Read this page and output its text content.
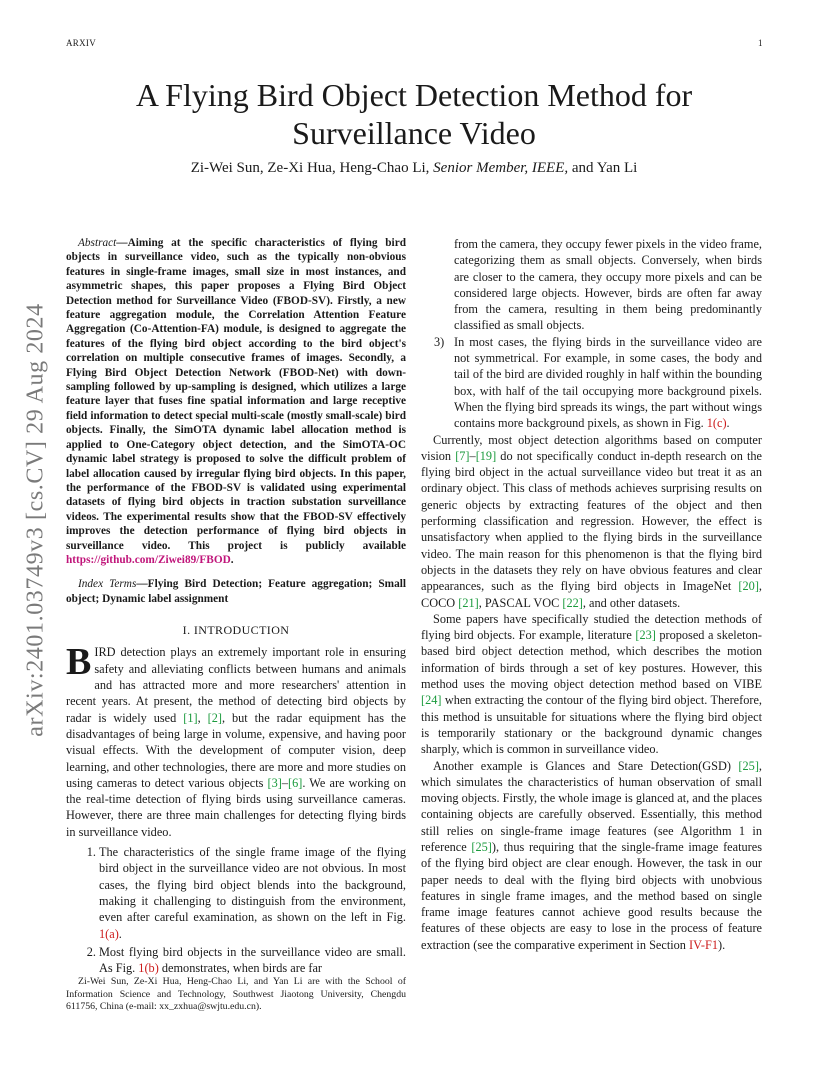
ARXIV	1
arXiv:2401.03749v3 [cs.CV] 29 Aug 2024
A Flying Bird Object Detection Method for Surveillance Video
Zi-Wei Sun, Ze-Xi Hua, Heng-Chao Li, Senior Member, IEEE, and Yan Li

Abstract—Aiming at the specific characteristics of flying bird objects in surveillance video, such as the typically non-obvious features in single-frame images, small size in most instances, and asymmetric shapes, this paper proposes a Flying Bird Object Detection method for Surveillance Video (FBOD-SV). Firstly, a new feature aggregation module, the Correlation Attention Feature Aggregation (Co-Attention-FA) module, is designed to aggregate the features of the flying bird object according to the bird object's correlation on multiple consecutive frames of images. Secondly, a Flying Bird Object Detection Network (FBOD-Net) with down-sampling followed by up-sampling is designed, which utilizes a large feature layer that fuses fine spatial information and large receptive field information to detect special multi-scale (mostly small-scale) bird objects. Finally, the SimOTA dynamic label allocation method is applied to One-Category object detection, and the SimOTA-OC dynamic label strategy is proposed to solve the difficult problem of label allocation caused by irregular flying bird objects. In this paper, the performance of the FBOD-SV is validated using experimental datasets of flying bird objects in traction substation surveillance videos. The experimental results show that the FBOD-SV effectively improves the detection performance of flying bird objects in surveillance video. This project is publicly available https://github.com/Ziwei89/FBOD.

Index Terms—Flying Bird Detection; Feature aggregation; Small object; Dynamic label assignment

I. INTRODUCTION

BIRD detection plays an extremely important role in ensuring safety and alleviating conflicts between humans and animals and has attracted more and more researchers' attention in recent years. At present, the method of detecting bird objects by radar is widely used [1], [2], but the radar equipment has the disadvantages of being large in volume, expensive, and having poor visual effects. With the development of computer vision, deep learning, and other technologies, there are more and more studies on using cameras to detect various objects [3]–[6]. We are working on the real-time detection of flying birds using surveillance cameras. However, there are three main challenges for detecting flying birds in surveillance video.

1. The characteristics of the single frame image of the flying bird object in the surveillance video are not obvious. In most cases, the flying bird object blends into the background, making it challenging to distinguish from the environment, even after careful examination, as shown on the left in Fig. 1(a).
2. Most flying bird objects in the surveillance video are small. As Fig. 1(b) demonstrates, when birds are far
Zi-Wei Sun, Ze-Xi Hua, Heng-Chao Li, and Yan Li are with the School of Information Science and Technology, Southwest Jiaotong University, Chengdu 611756, China (e-mail: xx_zxhua@swjtu.edu.cn).
from the camera, they occupy fewer pixels in the video frame, categorizing them as small objects. Conversely, when birds are closer to the camera, they occupy more pixels and can be considered large objects. However, birds are often far away from the camera, resulting in them being predominantly classified as small objects.
3) In most cases, the flying birds in the surveillance video are not symmetrical. For example, in some cases, the body and tail of the bird are divided roughly in half within the bounding box, with half of the tail occupying more background pixels. When the flying bird spreads its wings, the part without wings contains more background pixels, as shown in Fig. 1(c).

Currently, most object detection algorithms based on computer vision [7]–[19] do not specifically conduct in-depth research on the flying bird object in the actual surveillance video but treat it as an ordinary object. This class of methods achieves surprising results on generic objects by extracting features of the object and then performing classification and regression. However, the effect is unsatisfactory when applied to the flying birds in the surveillance video. The main reason for this phenomenon is that the flying bird objects in the datasets they rely on have obvious features and clear appearances, such as the flying bird objects in ImageNet [20], COCO [21], PASCAL VOC [22], and other datasets.

Some papers have specifically studied the detection methods of flying bird objects. For example, literature [23] proposed a skeleton-based bird object detection method, which describes the motion information of birds through a set of key postures. However, this method uses the moving object detection method based on VIBE [24] when extracting the contour of the flying bird object. Therefore, this method is unsuitable for situations where the flying bird object is temporarily stationary or the background dynamic changes sharply, which is common in surveillance video.

Another example is Glances and Stare Detection(GSD) [25], which simulates the characteristics of human observation of small moving objects. Firstly, the whole image is glanced at, and the places containing objects are carefully observed. Essentially, this method still relies on single-frame image features (see Algorithm 1 in reference [25]), thus requiring that the single-frame image features of the flying bird object are clear enough. However, the task in our paper needs to deal with the flying bird objects with unobvious features in single frame images, and the method based on single frame image features cannot achieve good results because the features of these objects are easy to lose in the process of feature extraction (see the comparative experiment in Section IV-F1).
